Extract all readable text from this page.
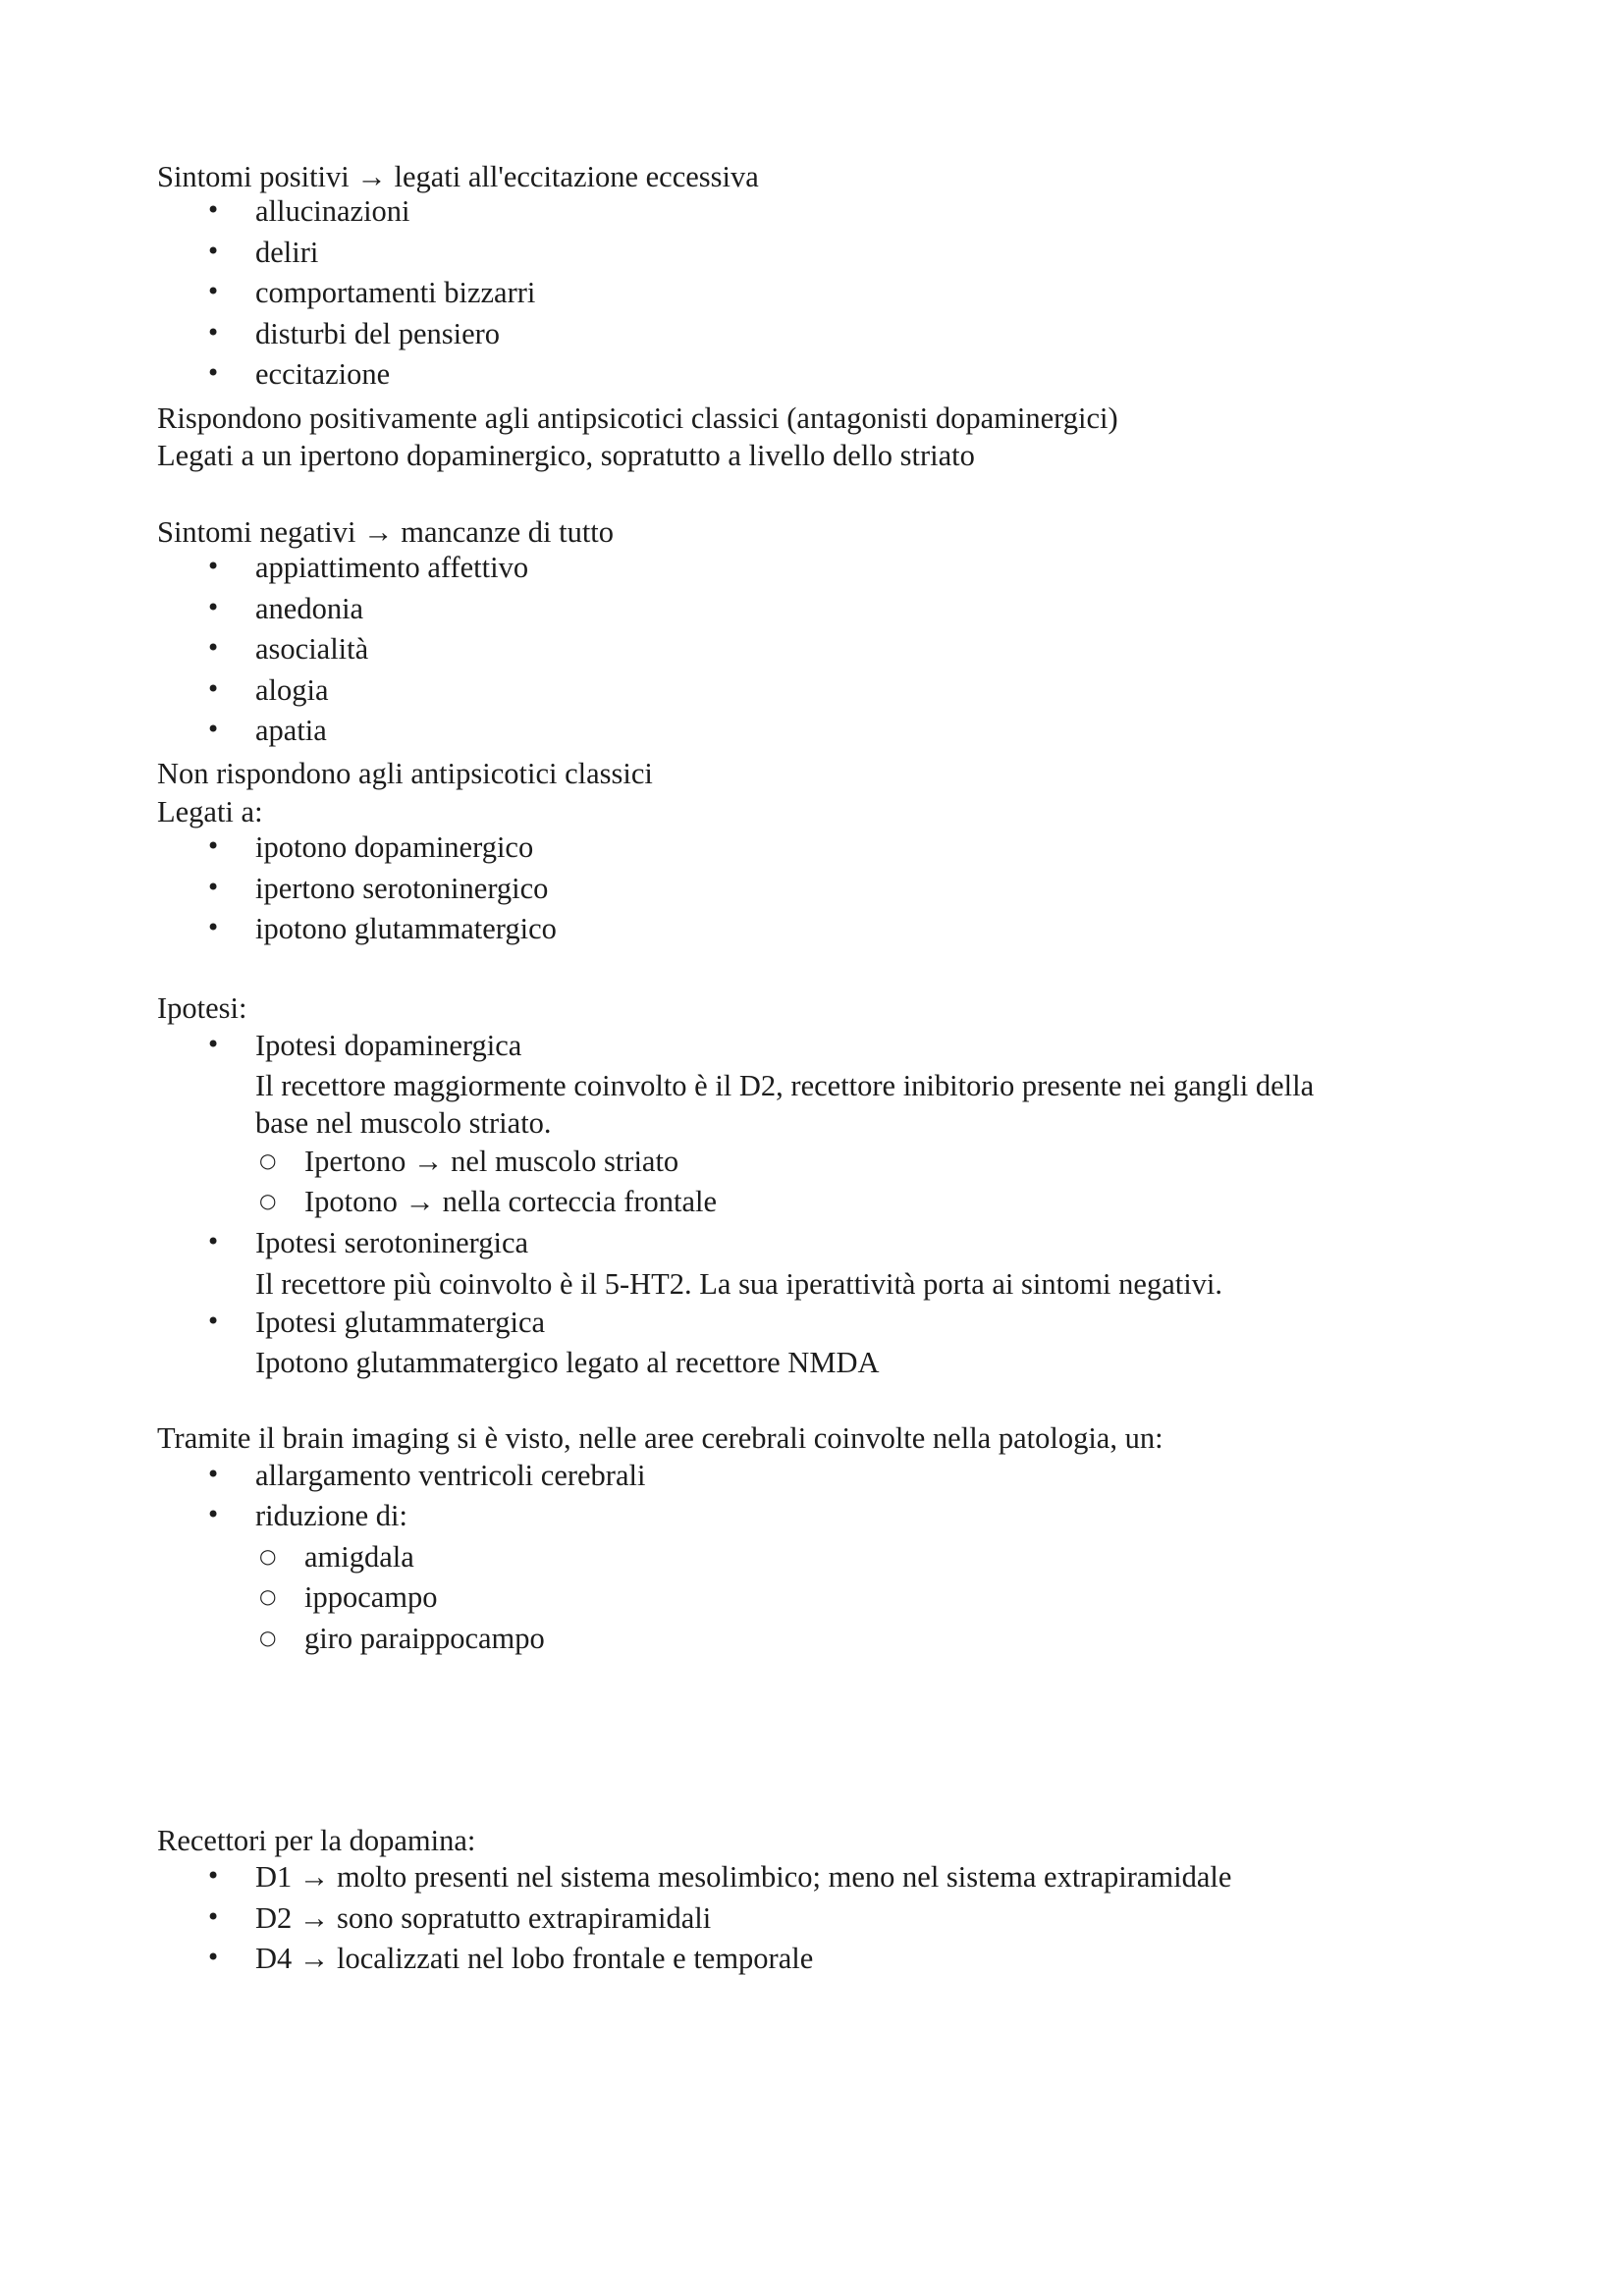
Sintomi positivi → legati all'eccitazione eccessiva
• allucinazioni
• deliri
• comportamenti bizzarri
• disturbi del pensiero
• eccitazione
Rispondono positivamente agli antipsicotici classici (antagonisti dopaminergici)
Legati a un ipertono dopaminergico, sopratutto a livello dello striato
Sintomi negativi → mancanze di tutto
• appiattimento affettivo
• anedonia
• asocialità
• alogia
• apatia
Non rispondono agli antipsicotici classici
Legati a:
• ipotono dopaminergico
• ipertono serotoninergico
• ipotono glutammatergico
Ipotesi:
• Ipotesi dopaminergica
Il recettore maggiormente coinvolto è il D2, recettore inibitorio presente nei gangli della
base nel muscolo striato.
○ Ipertono → nel muscolo striato
○ Ipotono → nella corteccia frontale
• Ipotesi serotoninergica
Il recettore più coinvolto è il 5-HT2. La sua iperattività porta ai sintomi negativi.
• Ipotesi glutammatergica
Ipotono glutammatergico legato al recettore NMDA
Tramite il brain imaging si è visto, nelle aree cerebrali coinvolte nella patologia, un:
• allargamento ventricoli cerebrali
• riduzione di:
○ amigdala
○ ippocampo
○ giro paraippocampo
Recettori per la dopamina:
• D1 → molto presenti nel sistema mesolimbico; meno nel sistema extrapiramidale
• D2 → sono sopratutto extrapiramidali
• D4 → localizzati nel lobo frontale e temporale
